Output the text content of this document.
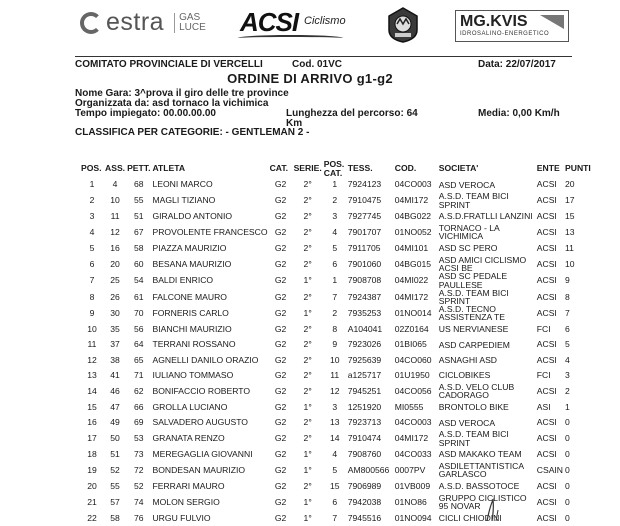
estra GAS
LUCE ACSI Ciclismo	MG.KVIS
IDROSALINO-ENERGETICO
COMITATO PROVINCIALE DI VERCELLI	Cod. 01VC	Data: 22/07/2017
ORDINE DI ARRIVO g1-g2
Nome Gara: 3^prova il giro delle tre province
Organizzata da: asd tornaco la vichimica
Tempo impiegato: 00.00.00.00	Lunghezza del percorso: 64
Km
Media: 0,00 Km/h
CLASSIFICA PER CATEGORIE: - GENTLEMAN 2 -
POS.	ASS.	PETT.	ATLETA	CAT.	SERIE.	POS. CAT.	TESS.	COD.	SOCIETA'	ENTE	PUNTI
1	4	68	LEONI MARCO	G2	2°	1	7924123	04CO003	ASD VEROCA	ACSI	20
2	10	55	MAGLI TIZIANO	G2	2°	2	7910475	04MI172	A.S.D. TEAM BICI SPRINT	ACSI	17
3	11	51	GIRALDO ANTONIO	G2	2°	3	7927745	04BG022	A.S.D.FRATLLI LANZINI	ACSI	15
4	12	67	PROVOLENTE FRANCESCO	G2	2°	4	7901707	01NO052	TORNACO - LA VICHIMICA	ACSI	13
5	16	58	PIAZZA MAURIZIO	G2	2°	5	7911705	04MI101	ASD SC PERO	ACSI	11
6	20	60	BESANA MAURIZIO	G2	2°	6	7901060	04BG015	ASD AMICI CICLISMO ACSI BE	ACSI	10
7	25	54	BALDI ENRICO	G2	1°	1	7908708	04MI022	ASD SC PEDALE PAULLESE	ACSI	9
8	26	61	FALCONE MAURO	G2	2°	7	7924387	04MI172	A.S.D. TEAM BICI SPRINT	ACSI	8
9	30	70	FORNERIS CARLO	G2	1°	2	7935253	01NO014	A.S.D. TECNO ASSISTENZA TE	ACSI	7
10	35	56	BIANCHI MAURIZIO	G2	2°	8	A104041	02Z0164	US NERVIANESE	FCI	6
11	37	64	TERRANI ROSSANO	G2	2°	9	7923026	01BI065	ASD CARPEDIEM	ACSI	5
12	38	65	AGNELLI DANILO ORAZIO	G2	2°	10	7925639	04CO060	ASNAGHI ASD	ACSI	4
13	41	71	IULIANO TOMMASO	G2	2°	11	a125717	01U1950	CICLOBIKES	FCI	3
14	46	62	BONIFACCIO ROBERTO	G2	2°	12	7945251	04CO056	A.S.D. VELO CLUB CADORAGO	ACSI	2
15	47	66	GROLLA LUCIANO	G2	1°	3	1251920	MI0555	BRONTOLO BIKE	ASI	1
16	49	69	SALVADERO AUGUSTO	G2	2°	13	7923713	04CO003	ASD VEROCA	ACSI	0
17	50	53	GRANATA RENZO	G2	2°	14	7910474	04MI172	A.S.D. TEAM BICI SPRINT	ACSI	0
18	51	73	MEREGAGLIA GIOVANNI	G2	1°	4	7908760	04CO033	ASD MAKAKO TEAM	ACSI	0
19	52	72	BONDESAN MAURIZIO	G2	1°	5	AM800566	0007PV	ASDILETTANTISTICA GARLASCO	CSAIN	0
20	55	52	FERRARI MAURO	G2	2°	15	7906989	01VB009	A.S.D. BASSOTOCE	ACSI	0
21	57	74	MOLON SERGIO	G2	1°	6	7942038	01NO86	GRUPPO CICLISTICO 95 NOVAR	ACSI	0
22	58	76	URGU FULVIO	G2	1°	7	7945516	01NO094	CICLI CHIODINI	ACSI	0
